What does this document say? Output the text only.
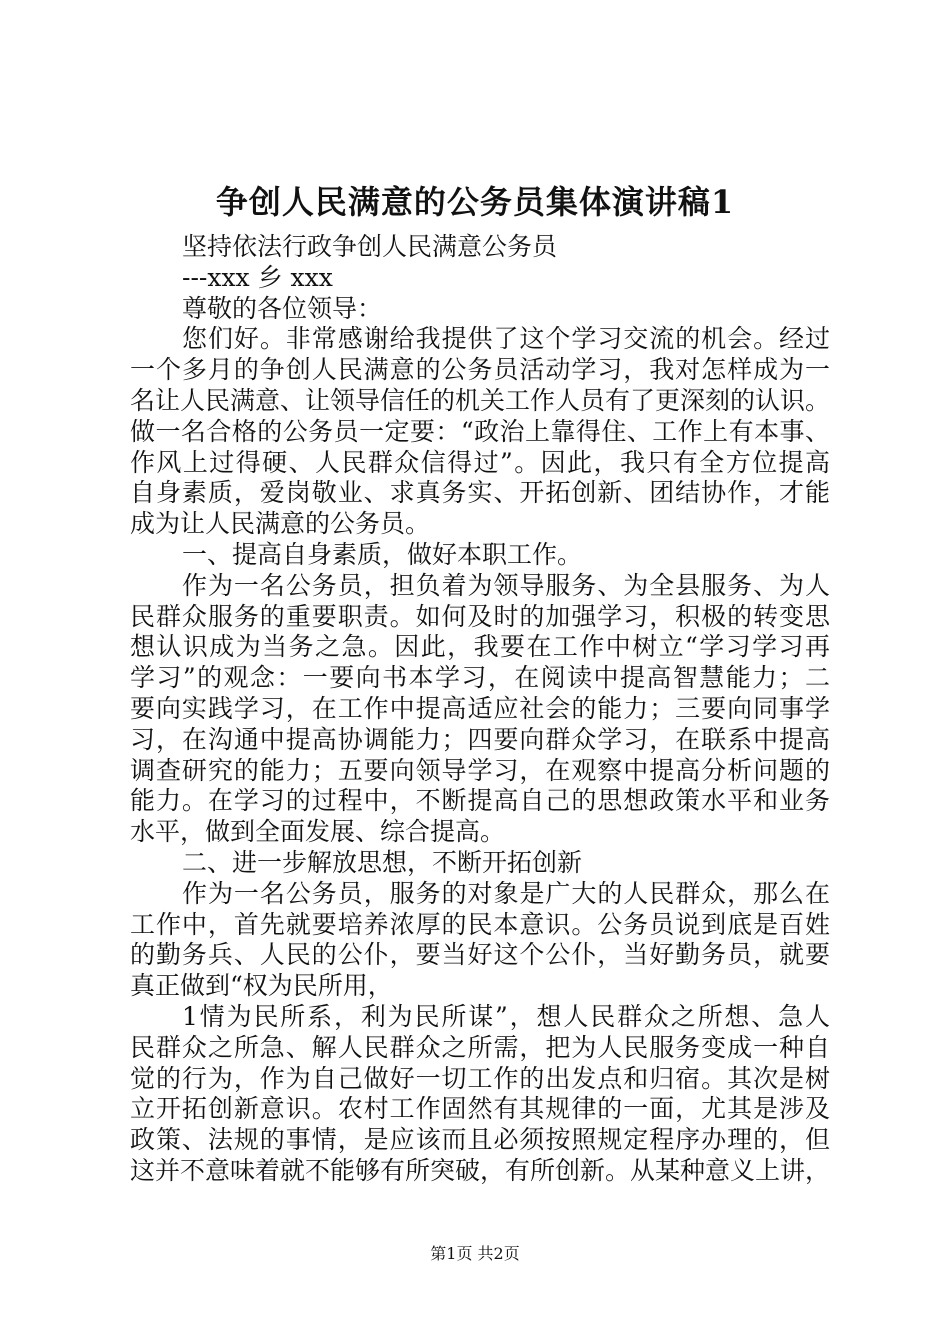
争创人民满意的公务员集体演讲稿1
坚持依法行政争创人民满意公务员
---xxx 乡 xxx
尊敬的各位领导：
您们好。非常感谢给我提供了这个学习交流的机会。经过
一个多月的争创人民满意的公务员活动学习，我对怎样成为一
名让人民满意、让领导信任的机关工作人员有了更深刻的认识。
做一名合格的公务员一定要：“政治上靠得住、工作上有本事、
作风上过得硬、人民群众信得过”。因此，我只有全方位提高
自身素质，爱岗敬业、求真务实、开拓创新、团结协作，才能
成为让人民满意的公务员。
一、提高自身素质，做好本职工作。
作为一名公务员，担负着为领导服务、为全县服务、为人
民群众服务的重要职责。如何及时的加强学习，积极的转变思
想认识成为当务之急。因此，我要在工作中树立“学习学习再
学习”的观念：一要向书本学习，在阅读中提高智慧能力；二
要向实践学习，在工作中提高适应社会的能力；三要向同事学
习，在沟通中提高协调能力；四要向群众学习，在联系中提高
调查研究的能力；五要向领导学习，在观察中提高分析问题的
能力。在学习的过程中，不断提高自己的思想政策水平和业务
水平，做到全面发展、综合提高。
二、进一步解放思想，不断开拓创新
作为一名公务员，服务的对象是广大的人民群众，那么在
工作中，首先就要培养浓厚的民本意识。公务员说到底是百姓
的勤务兵、人民的公仆，要当好这个公仆，当好勤务员，就要
真正做到“权为民所用，
1情为民所系，利为民所谋”，想人民群众之所想、急人
民群众之所急、解人民群众之所需，把为人民服务变成一种自
觉的行为，作为自己做好一切工作的出发点和归宿。其次是树
立开拓创新意识。农村工作固然有其规律的一面，尤其是涉及
政策、法规的事情，是应该而且必须按照规定程序办理的，但
这并不意味着就不能够有所突破，有所创新。从某种意义上讲，
第1页 共2页
